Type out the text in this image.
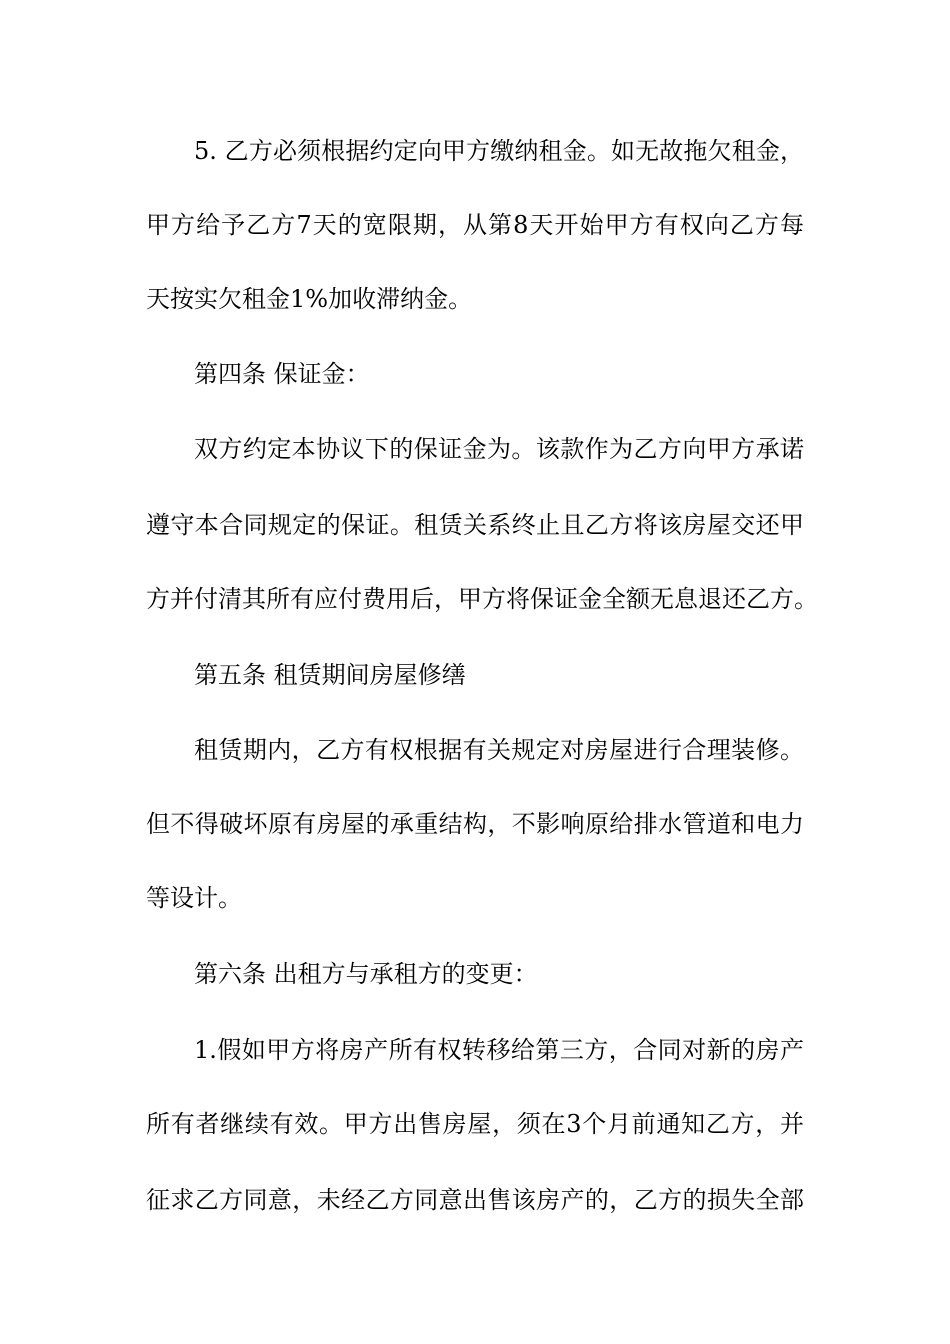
5. 乙方必须根据约定向甲方缴纳租金。如无故拖欠租金，
甲方给予乙方7天的宽限期，从第8天开始甲方有权向乙方每
天按实欠租金1%加收滞纳金。
第四条 保证金：
双方约定本协议下的保证金为。该款作为乙方向甲方承诺
遵守本合同规定的保证。租赁关系终止且乙方将该房屋交还甲
方并付清其所有应付费用后，甲方将保证金全额无息退还乙方。
第五条 租赁期间房屋修缮
租赁期内，乙方有权根据有关规定对房屋进行合理装修。
但不得破坏原有房屋的承重结构，不影响原给排水管道和电力
等设计。
第六条 出租方与承租方的变更：
1.假如甲方将房产所有权转移给第三方，合同对新的房产
所有者继续有效。甲方出售房屋，须在3个月前通知乙方，并
征求乙方同意，未经乙方同意出售该房产的，乙方的损失全部
